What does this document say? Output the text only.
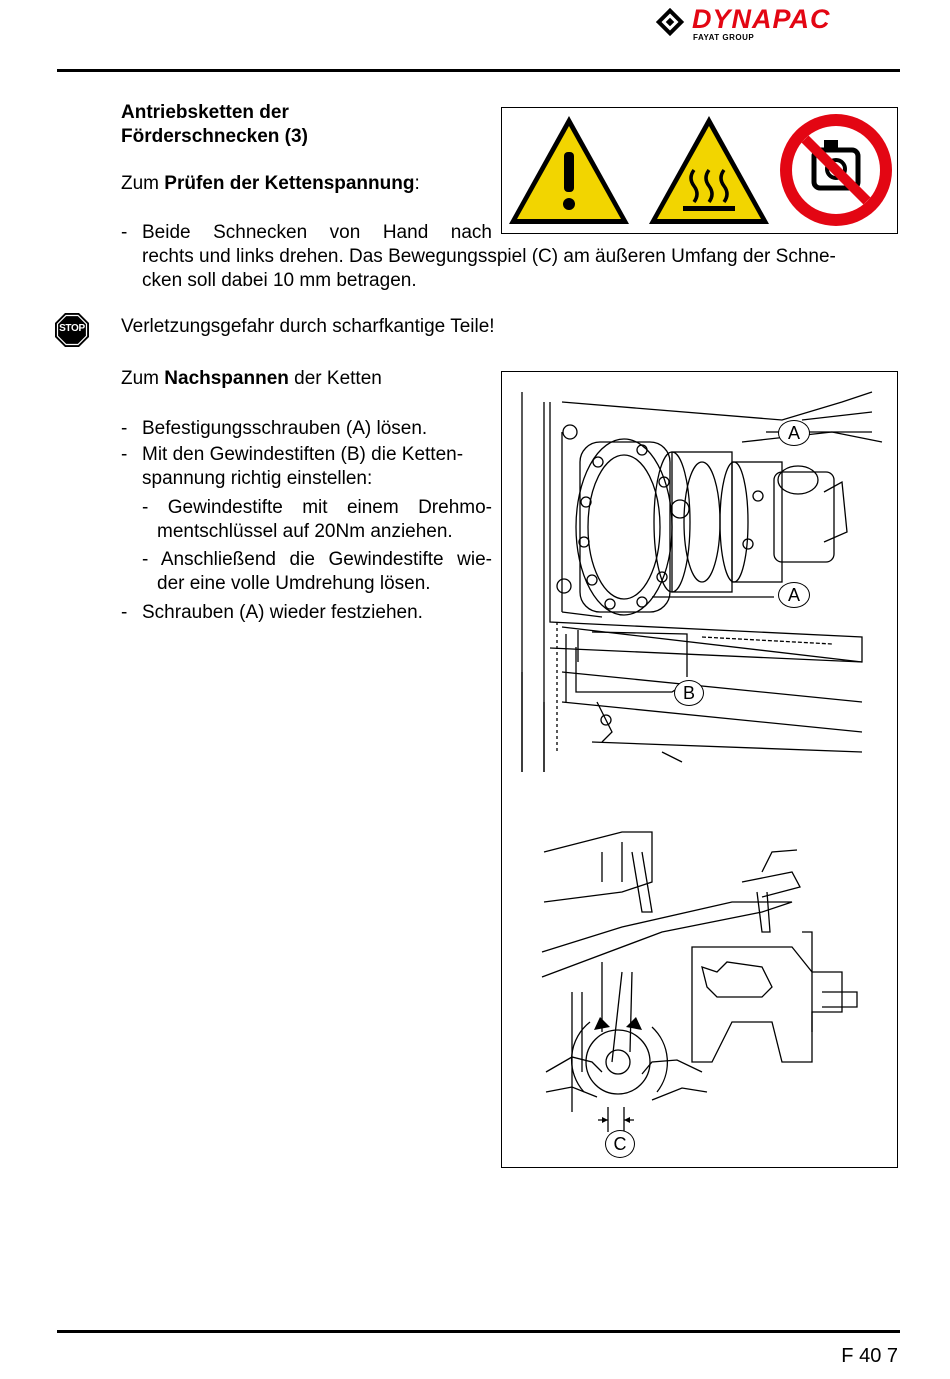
DYNAPAC
FAYAT GROUP
Antriebsketten der
Förderschnecken (3)
Zum Prüfen der Kettenspannung:
- Beide Schnecken von Hand nach
rechts und links drehen. Das Bewegungsspiel (C) am äußeren Umfang der Schne-
cken soll dabei 10 mm betragen.
STOP Verletzungsgefahr durch scharfkantige Teile!
Zum Nachspannen der Ketten
- Befestigungsschrauben (A) lösen.
- Mit den Gewindestiften (B) die Ketten-
spannung richtig einstellen:
- Gewindestifte mit einem Drehmo-
mentschlüssel auf 20Nm anziehen.
- Anschließend die Gewindestifte wie-
der eine volle Umdrehung lösen.
- Schrauben (A) wieder festziehen.
A
A
B
C
F 40 7
